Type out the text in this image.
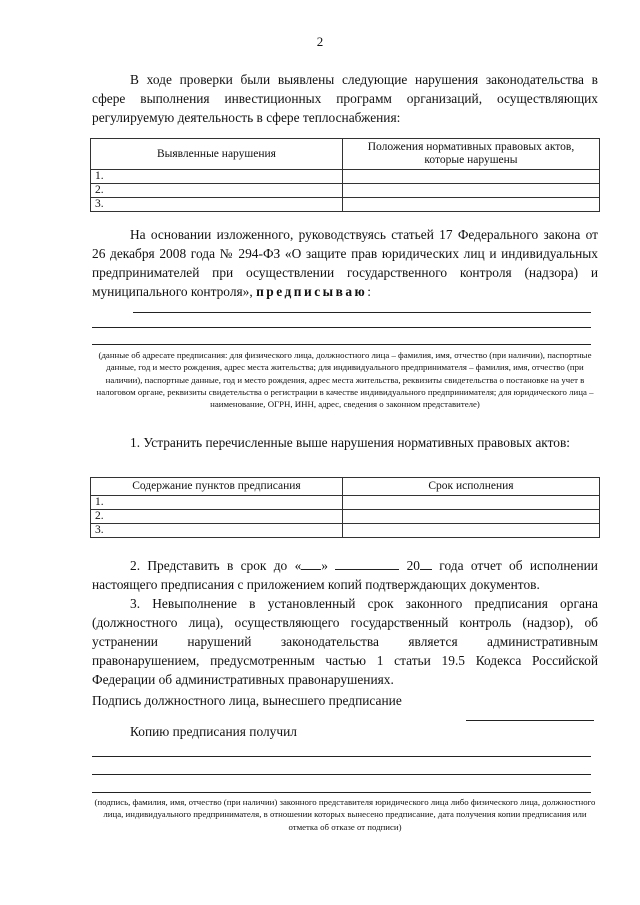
2
В ходе проверки были выявлены следующие нарушения законодательства в сфере выполнения инвестиционных программ организаций, осуществляющих регулируемую деятельность в сфере теплоснабжения:
Выявленные нарушения	Положения нормативных правовых актов, которые нарушены
1.	
2.	
3.	
На основании изложенного, руководствуясь статьей 17 Федерального закона от 26 декабря 2008 года № 294-ФЗ «О защите прав юридических лиц и индивидуальных предпринимателей при осуществлении государственного контроля (надзора) и муниципального контроля», предписываю:
(данные об адресате предписания: для физического лица, должностного лица – фамилия, имя, отчество (при наличии), паспортные данные, год и место рождения, адрес места жительства; для индивидуального предпринимателя – фамилия, имя, отчество (при наличии), паспортные данные, год и место рождения, адрес места жительства, реквизиты свидетельства о постановке на учет в налоговом органе, реквизиты свидетельства о регистрации в качестве индивидуального предпринимателя; для юридического лица – наименование, ОГРН, ИНН, адрес, сведения о законном представителе)
1. Устранить перечисленные выше нарушения нормативных правовых актов:
Содержание пунктов предписания	Срок исполнения
1.	
2.	
3.	
2. Представить в срок до « »	20 года отчет об исполнении настоящего предписания с приложением копий подтверждающих документов.
3. Невыполнение в установленный срок законного предписания органа (должностного лица), осуществляющего государственный контроль (надзор), об устранении нарушений законодательства является административным правонарушением, предусмотренным частью 1 статьи 19.5 Кодекса Российской Федерации об административных правонарушениях.
Подпись должностного лица, вынесшего предписание
Копию предписания получил
(подпись, фамилия, имя, отчество (при наличии) законного представителя юридического лица либо физического лица, должностного лица, индивидуального предпринимателя, в отношении которых вынесено предписание, дата получения копии предписания или отметка об отказе от подписи)
